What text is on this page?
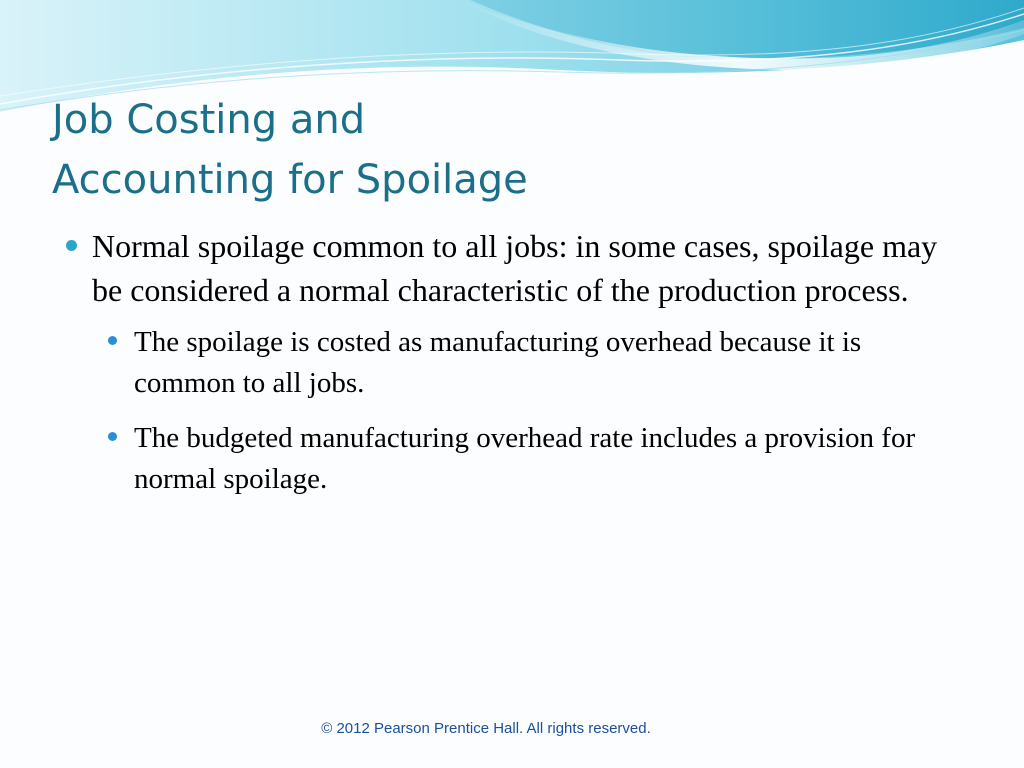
Job Costing and
Accounting for Spoilage
Normal spoilage common to all jobs: in some cases, spoilage may be considered a normal characteristic of the production process.
The spoilage is costed as manufacturing overhead because it is common to all jobs.
The budgeted manufacturing overhead rate includes a provision for normal spoilage.
© 2012 Pearson Prentice Hall. All rights reserved.
